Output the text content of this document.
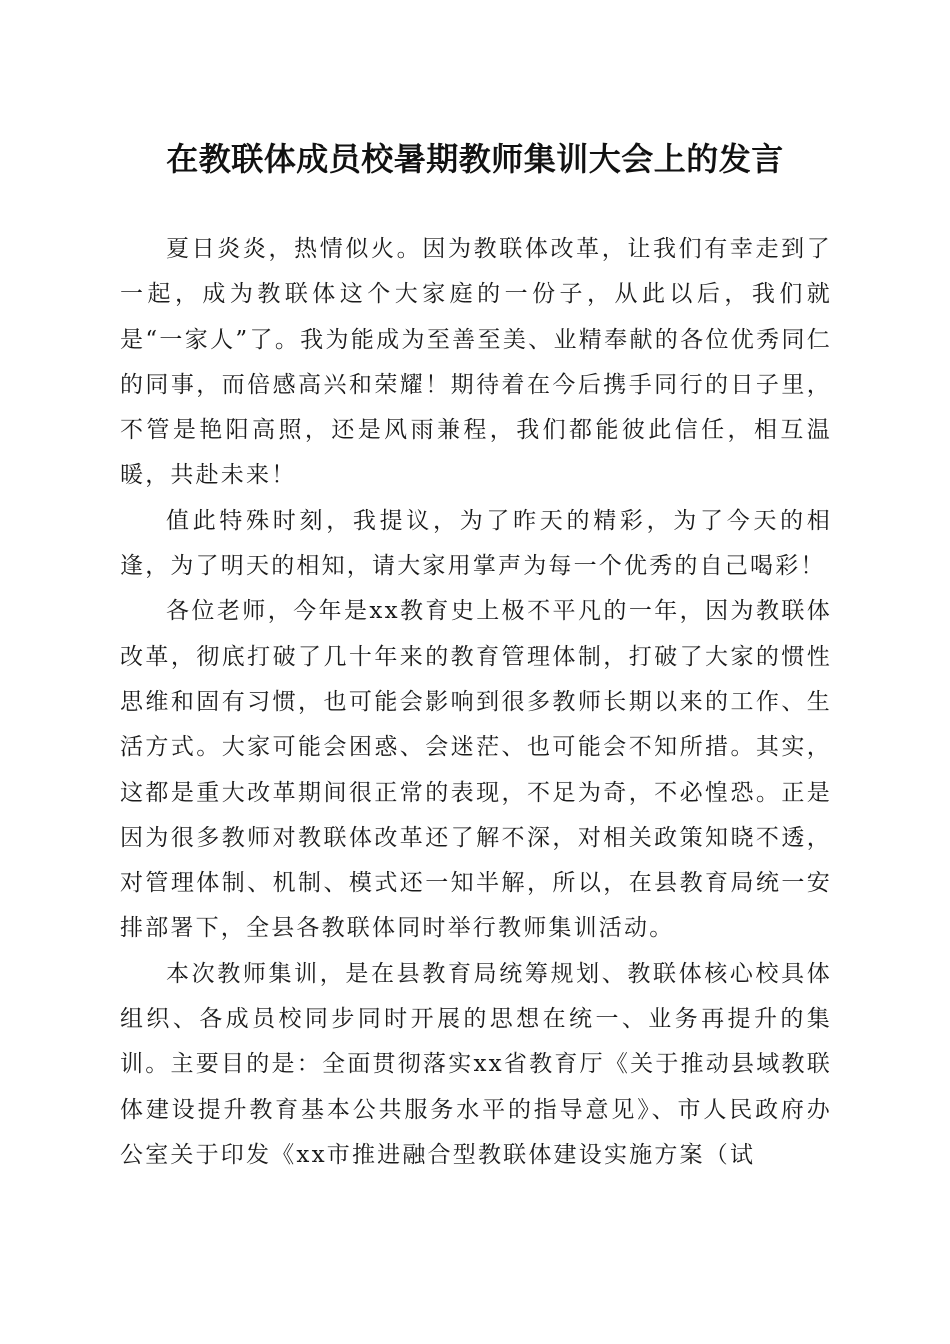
在教联体成员校暑期教师集训大会上的发言

夏日炎炎，热情似火。因为教联体改革，让我们有幸走到了一起，成为教联体这个大家庭的一份子，从此以后，我们就是“一家人”了。我为能成为至善至美、业精奉献的各位优秀同仁的同事，而倍感高兴和荣耀！期待着在今后携手同行的日子里，不管是艳阳高照，还是风雨兼程，我们都能彼此信任，相互温暖，共赴未来！

值此特殊时刻，我提议，为了昨天的精彩，为了今天的相逢，为了明天的相知，请大家用掌声为每一个优秀的自己喝彩！

各位老师，今年是xx教育史上极不平凡的一年，因为教联体改革，彻底打破了几十年来的教育管理体制，打破了大家的惯性思维和固有习惯，也可能会影响到很多教师长期以来的工作、生活方式。大家可能会困惑、会迷茫、也可能会不知所措。其实，这都是重大改革期间很正常的表现，不足为奇，不必惶恐。正是因为很多教师对教联体改革还了解不深，对相关政策知晓不透，对管理体制、机制、模式还一知半解，所以，在县教育局统一安排部署下，全县各教联体同时举行教师集训活动。

本次教师集训，是在县教育局统筹规划、教联体核心校具体组织、各成员校同步同时开展的思想在统一、业务再提升的集训。主要目的是：全面贯彻落实xx省教育厅《关于推动县域教联体建设提升教育基本公共服务水平的指导意见》、市人民政府办公室关于印发《xx市推进融合型教联体建设实施方案（试
